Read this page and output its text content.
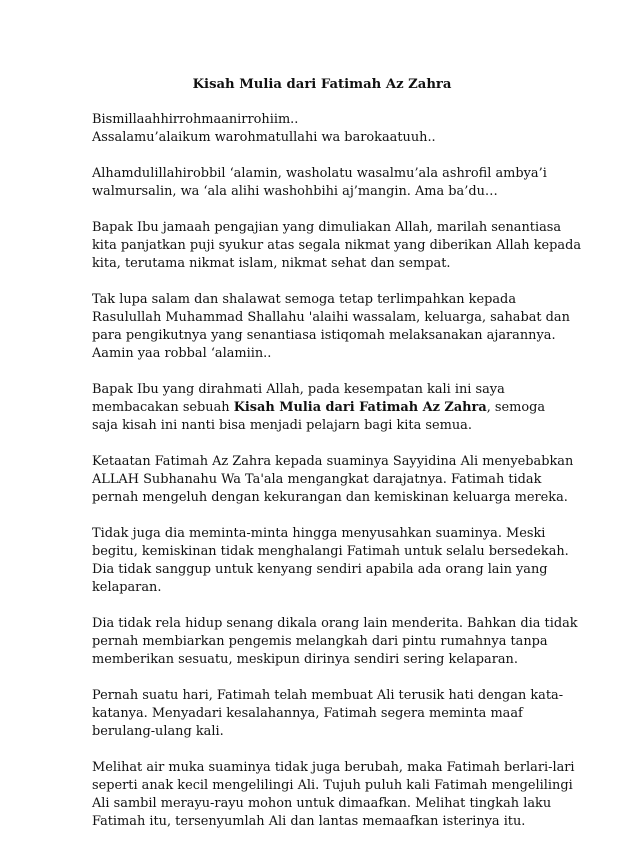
Kisah Mulia dari Fatimah Az Zahra
Bismillaahhirrohmaanirrohiim..
Assalamu’alaikum warohmatullahi wa barokaatuuh..
Alhamdulillahirobbil ‘alamin, washolatu wasalmu’ala ashrofil ambya’i
walmursalin, wa ‘ala alihi washohbihi aj’mangin. Ama ba’du…
Bapak Ibu jamaah pengajian yang dimuliakan Allah, marilah senantiasa
kita panjatkan puji syukur atas segala nikmat yang diberikan Allah kepada
kita, terutama nikmat islam, nikmat sehat dan sempat.
Tak lupa salam dan shalawat semoga tetap terlimpahkan kepada
Rasulullah Muhammad Shallahu 'alaihi wassalam, keluarga, sahabat dan
para pengikutnya yang senantiasa istiqomah melaksanakan ajarannya.
Aamin yaa robbal ‘alamiin..
Bapak Ibu yang dirahmati Allah, pada kesempatan kali ini saya
membacakan sebuah Kisah Mulia dari Fatimah Az Zahra, semoga
saja kisah ini nanti bisa menjadi pelajarn bagi kita semua.
Ketaatan Fatimah Az Zahra kepada suaminya Sayyidina Ali menyebabkan
ALLAH Subhanahu Wa Ta'ala mengangkat darajatnya. Fatimah tidak
pernah mengeluh dengan kekurangan dan kemiskinan keluarga mereka.
Tidak juga dia meminta-minta hingga menyusahkan suaminya. Meski
begitu, kemiskinan tidak menghalangi Fatimah untuk selalu bersedekah.
Dia tidak sanggup untuk kenyang sendiri apabila ada orang lain yang
kelaparan.
Dia tidak rela hidup senang dikala orang lain menderita. Bahkan dia tidak
pernah membiarkan pengemis melangkah dari pintu rumahnya tanpa
memberikan sesuatu, meskipun dirinya sendiri sering kelaparan.
Pernah suatu hari, Fatimah telah membuat Ali terusik hati dengan kata-
katanya. Menyadari kesalahannya, Fatimah segera meminta maaf
berulang-ulang kali.
Melihat air muka suaminya tidak juga berubah, maka Fatimah berlari-lari
seperti anak kecil mengelilingi Ali. Tujuh puluh kali Fatimah mengelilingi
Ali sambil merayu-rayu mohon untuk dimaafkan. Melihat tingkah laku
Fatimah itu, tersenyumlah Ali dan lantas memaafkan isterinya itu.
